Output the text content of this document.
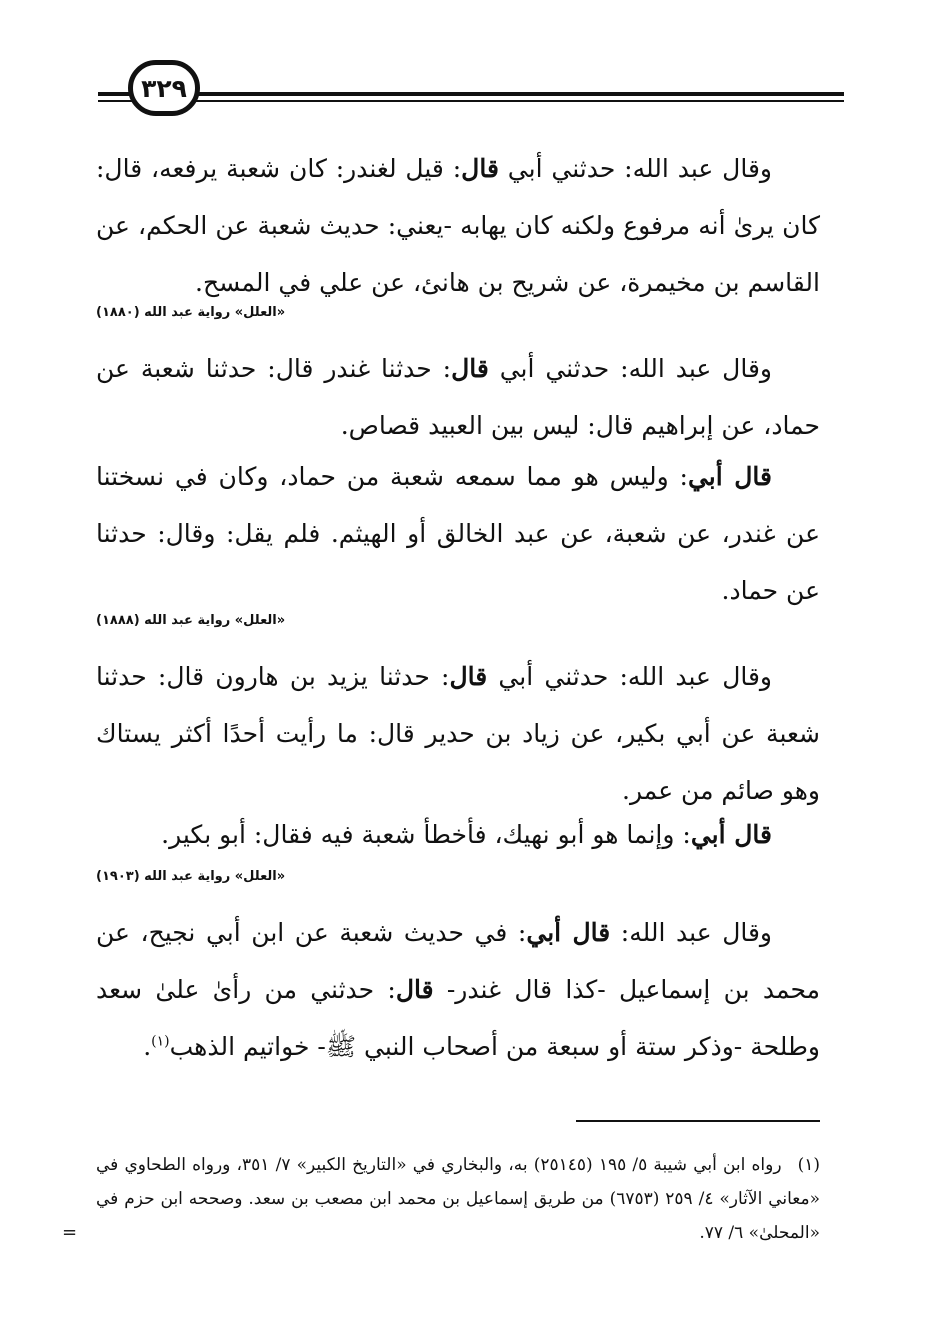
٣٢٩
وقال عبد الله: حدثني أبي قال: قيل لغندر: كان شعبة يرفعه، قال: كان يرىٰ أنه مرفوع ولكنه كان يهابه -يعني: حديث شعبة عن الحكم، عن القاسم بن مخيمرة، عن شريح بن هانئ، عن علي في المسح.
«العلل» رواية عبد الله (١٨٨٠)
وقال عبد الله: حدثني أبي قال: حدثنا غندر قال: حدثنا شعبة عن حماد، عن إبراهيم قال: ليس بين العبيد قصاص.
قال أبي: وليس هو مما سمعه شعبة من حماد، وكان في نسختنا عن غندر، عن شعبة، عن عبد الخالق أو الهيثم. فلم يقل: وقال: حدثنا عن حماد.
«العلل» رواية عبد الله (١٨٨٨)
وقال عبد الله: حدثني أبي قال: حدثنا يزيد بن هارون قال: حدثنا شعبة عن أبي بكير، عن زياد بن حدير قال: ما رأيت أحدًا أكثر يستاك وهو صائم من عمر.
قال أبي: وإنما هو أبو نهيك، فأخطأ شعبة فيه فقال: أبو بكير.
«العلل» رواية عبد الله (١٩٠٣)
وقال عبد الله: قال أبي: في حديث شعبة عن ابن أبي نجيح، عن محمد بن إسماعيل -كذا قال غندر- قال: حدثني من رأىٰ علىٰ سعد وطلحة -وذكر ستة أو سبعة من أصحاب النبي ﷺ- خواتيم الذهب$^{(١)}$.
(١)رواه ابن أبي شيبة ٥/ ١٩٥ (٢٥١٤٥) به، والبخاري في «التاريخ الكبير» ٧/ ٣٥١، ورواه الطحاوي في «معاني الآثار» ٤/ ٢٥٩ (٦٧٥٣) من طريق إسماعيل بن محمد ابن مصعب بن سعد. وصححه ابن حزم في «المحلىٰ» ٦/ ٧٧.
=
